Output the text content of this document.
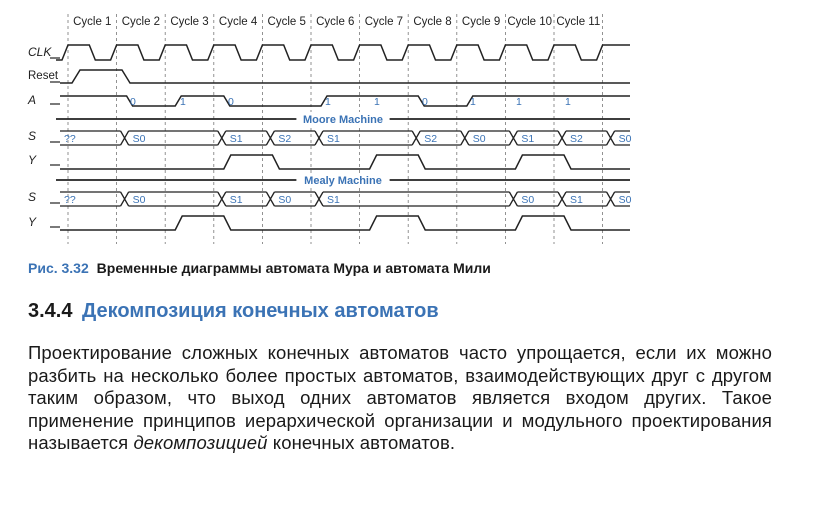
Cycle 1 Cycle 2 Cycle 3 Cycle 4 Cycle 5 Cycle 6 Cycle 7 Cycle 8 Cycle 9 Cycle 10 Cycle 11
CLK
Reset
A
S
Y
S
Y
0	1	0	1	1	0	1	1	1
Moore Machine
Mealy Machine
??	S0	S1	S2	S1	S2	S0	S1	S2	S0
??	S0	S1	S0	S1	S0	S1	S0
Рис. 3.32 Временные диаграммы автомата Мура и автомата Мили
3.4.4 Декомпозиция конечных автоматов

Проектирование сложных конечных автоматов часто упрощается, если их можно разбить на несколько более простых автоматов, взаимодействующих друг с другом таким образом, что выход одних автоматов является входом других. Такое применение принципов иерархической организации и модульного проектирования называется декомпозицией конечных автоматов.
